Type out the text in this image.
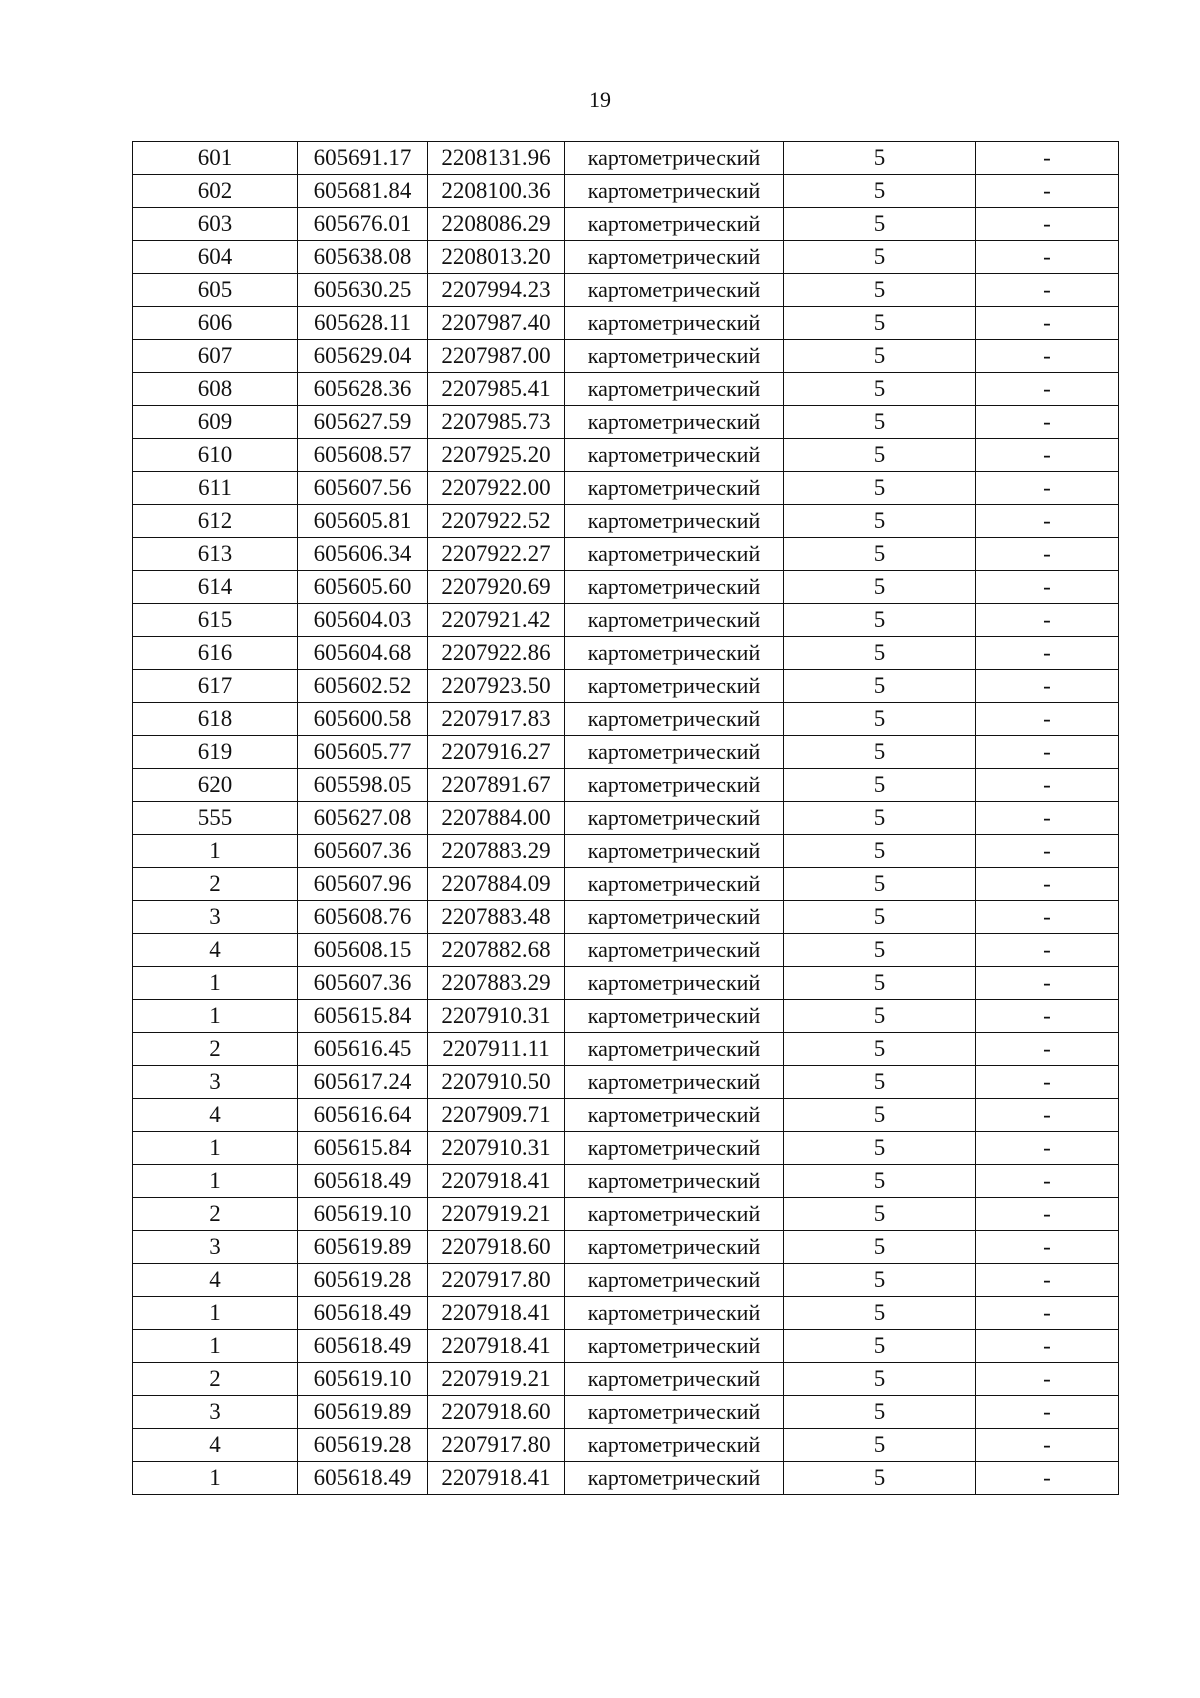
19
601	605691.17	2208131.96	картометрический	5	-
602	605681.84	2208100.36	картометрический	5	-
603	605676.01	2208086.29	картометрический	5	-
604	605638.08	2208013.20	картометрический	5	-
605	605630.25	2207994.23	картометрический	5	-
606	605628.11	2207987.40	картометрический	5	-
607	605629.04	2207987.00	картометрический	5	-
608	605628.36	2207985.41	картометрический	5	-
609	605627.59	2207985.73	картометрический	5	-
610	605608.57	2207925.20	картометрический	5	-
611	605607.56	2207922.00	картометрический	5	-
612	605605.81	2207922.52	картометрический	5	-
613	605606.34	2207922.27	картометрический	5	-
614	605605.60	2207920.69	картометрический	5	-
615	605604.03	2207921.42	картометрический	5	-
616	605604.68	2207922.86	картометрический	5	-
617	605602.52	2207923.50	картометрический	5	-
618	605600.58	2207917.83	картометрический	5	-
619	605605.77	2207916.27	картометрический	5	-
620	605598.05	2207891.67	картометрический	5	-
555	605627.08	2207884.00	картометрический	5	-
1	605607.36	2207883.29	картометрический	5	-
2	605607.96	2207884.09	картометрический	5	-
3	605608.76	2207883.48	картометрический	5	-
4	605608.15	2207882.68	картометрический	5	-
1	605607.36	2207883.29	картометрический	5	-
1	605615.84	2207910.31	картометрический	5	-
2	605616.45	2207911.11	картометрический	5	-
3	605617.24	2207910.50	картометрический	5	-
4	605616.64	2207909.71	картометрический	5	-
1	605615.84	2207910.31	картометрический	5	-
1	605618.49	2207918.41	картометрический	5	-
2	605619.10	2207919.21	картометрический	5	-
3	605619.89	2207918.60	картометрический	5	-
4	605619.28	2207917.80	картометрический	5	-
1	605618.49	2207918.41	картометрический	5	-
1	605618.49	2207918.41	картометрический	5	-
2	605619.10	2207919.21	картометрический	5	-
3	605619.89	2207918.60	картометрический	5	-
4	605619.28	2207917.80	картометрический	5	-
1	605618.49	2207918.41	картометрический	5	-
